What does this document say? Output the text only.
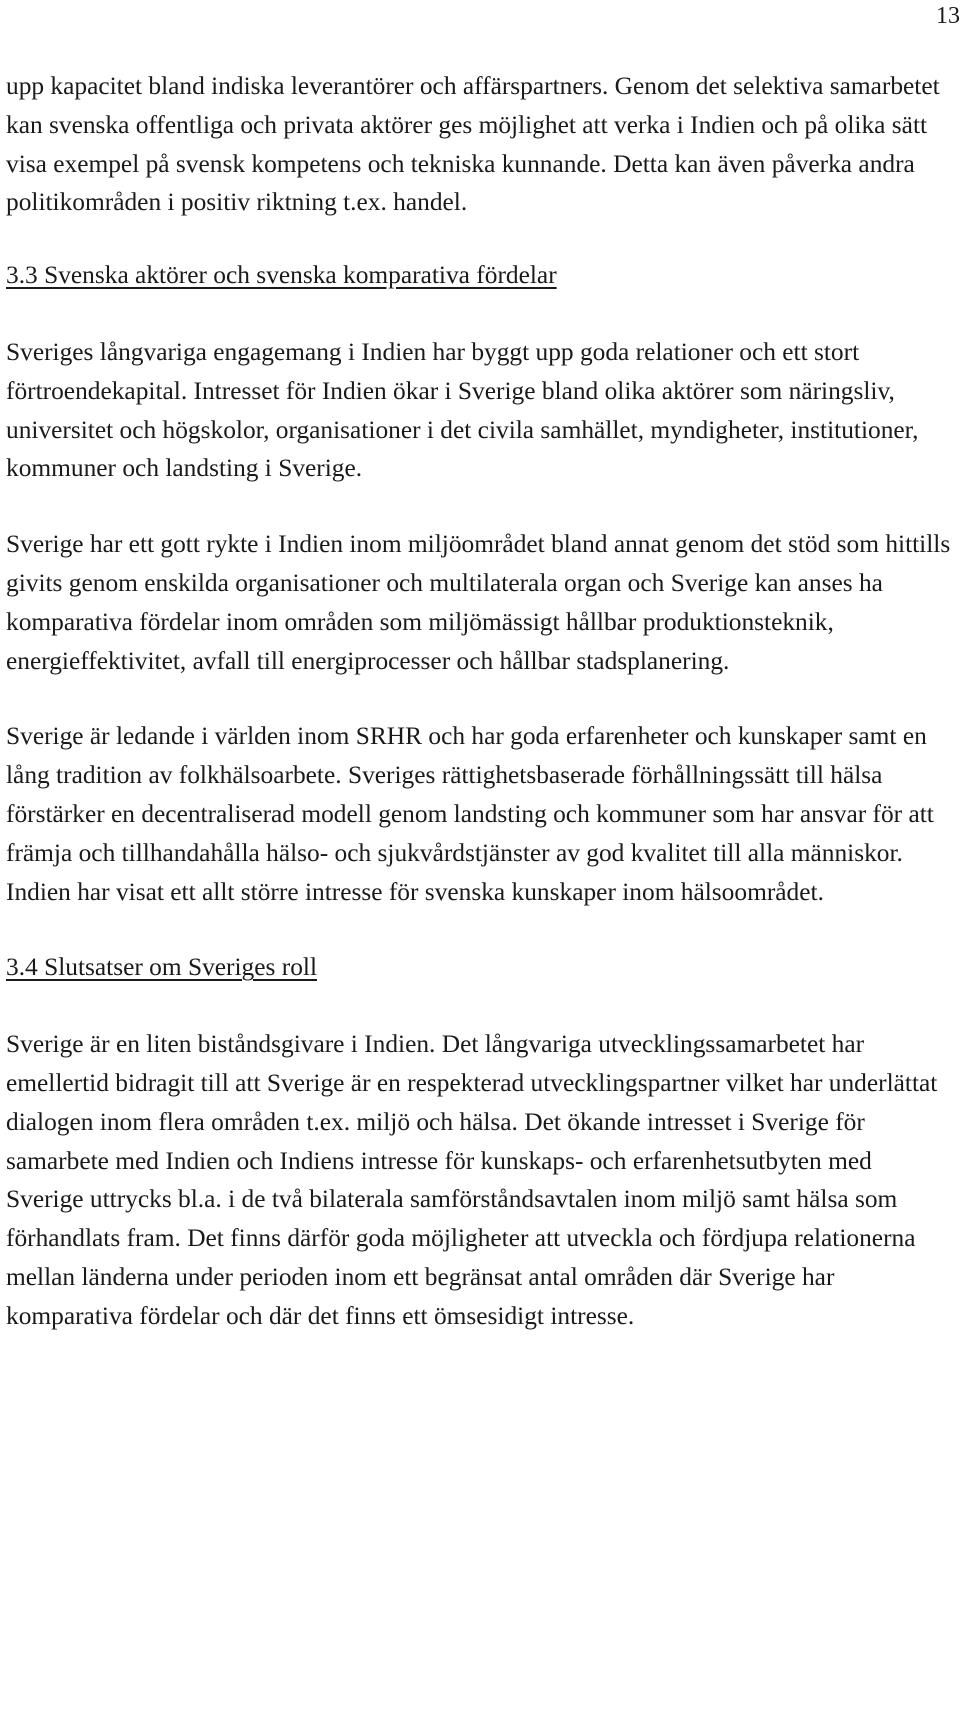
13

upp kapacitet bland indiska leverantörer och affärspartners. Genom det selektiva samarbetet kan svenska offentliga och privata aktörer ges möjlighet att verka i Indien och på olika sätt visa exempel på svensk kompetens och tekniska kunnande. Detta kan även påverka andra politikområden i positiv riktning t.ex. handel.

3.3 Svenska aktörer och svenska komparativa fördelar

Sveriges långvariga engagemang i Indien har byggt upp goda relationer och ett stort förtroendekapital. Intresset för Indien ökar i Sverige bland olika aktörer som näringsliv, universitet och högskolor, organisationer i det civila samhället, myndigheter, institutioner, kommuner och landsting i Sverige.

Sverige har ett gott rykte i Indien inom miljöområdet bland annat genom det stöd som hittills givits genom enskilda organisationer och multilaterala organ och Sverige kan anses ha komparativa fördelar inom områden som miljömässigt hållbar produktionsteknik, energieffektivitet, avfall till energiprocesser och hållbar stadsplanering.

Sverige är ledande i världen inom SRHR och har goda erfarenheter och kunskaper samt en lång tradition av folkhälsoarbete. Sveriges rättighetsbaserade förhållningssätt till hälsa förstärker en decentraliserad modell genom landsting och kommuner som har ansvar för att främja och tillhandahålla hälso- och sjukvårdstjänster av god kvalitet till alla människor. Indien har visat ett allt större intresse för svenska kunskaper inom hälsoområdet.

3.4 Slutsatser om Sveriges roll

Sverige är en liten biståndsgivare i Indien. Det långvariga utvecklingssamarbetet har emellertid bidragit till att Sverige är en respekterad utvecklingspartner vilket har underlättat dialogen inom flera områden t.ex. miljö och hälsa. Det ökande intresset i Sverige för samarbete med Indien och Indiens intresse för kunskaps- och erfarenhetsutbyten med Sverige uttrycks bl.a. i de två bilaterala samförståndsavtalen inom miljö samt hälsa som förhandlats fram. Det finns därför goda möjligheter att utveckla och fördjupa relationerna mellan länderna under perioden inom ett begränsat antal områden där Sverige har komparativa fördelar och där det finns ett ömsesidigt intresse.
